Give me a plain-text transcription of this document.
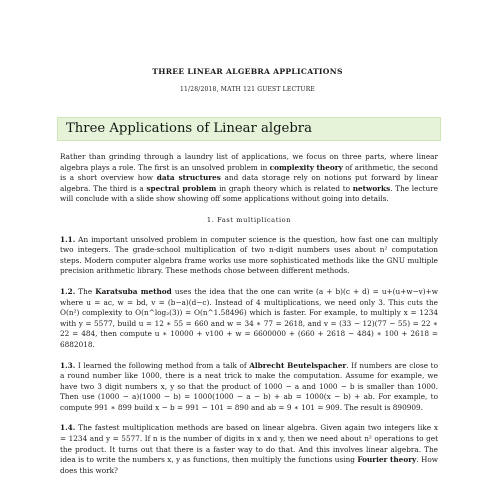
THREE LINEAR ALGEBRA APPLICATIONS
11/28/2018, MATH 121 GUEST LECTURE
Three Applications of Linear algebra

Rather than grinding through a laundry list of applications, we focus on three parts, where linear algebra plays a role. The first is an unsolved problem in complexity theory of arithmetic, the second is a short overview how data structures and data storage rely on notions put forward by linear algebra. The third is a spectral problem in graph theory which is related to networks. The lecture will conclude with a slide show showing off some applications without going into details.

1. Fast multiplication

1.1. An important unsolved problem in computer science is the question, how fast one can multiply two integers. The grade-school multiplication of two n-digit numbers uses about n² computation steps. Modern computer algebra frame works use more sophisticated methods like the GNU multiple precision arithmetic library. These methods chose between different methods.

1.2. The Karatsuba method uses the idea that the one can write (a + b)(c + d) = u+(u+w−v)+w where u = ac, w = bd, v = (b−a)(d−c). Instead of 4 multiplications, we need only 3. This cuts the O(n²) complexity to O(n^log₂(3)) = O(n^1.58496) which is faster. For example, to multiply x = 1234 with y = 5577, build u = 12 ∗ 55 = 660 and w = 34 ∗ 77 = 2618, and v = (33 − 12)(77 − 55) = 22 ∗ 22 = 484, then compute u ∗ 10000 + v100 + w = 6600000 + (660 + 2618 − 484) ∗ 100 + 2618 = 6882018.

1.3. I learned the following method from a talk of Albrecht Beutelspacher. If numbers are close to a round number like 1000, there is a neat trick to make the computation. Assume for example, we have two 3 digit numbers x, y so that the product of 1000 − a and 1000 − b is smaller than 1000. Then use (1000 − a)(1000 − b) = 1000(1000 − a − b) + ab = 1000(x − b) + ab. For example, to compute 991 ∗ 899 build x − b = 991 − 101 = 890 and ab = 9 ∗ 101 = 909. The result is 890909.

1.4. The fastest multiplication methods are based on linear algebra. Given again two integers like x = 1234 and y = 5577. If n is the number of digits in x and y, then we need about n² operations to get the product. It turns out that there is a faster way to do that. And this involves linear algebra. The idea is to write the numbers x, y as functions, then multiply the functions using Fourier theory. How does this work?
